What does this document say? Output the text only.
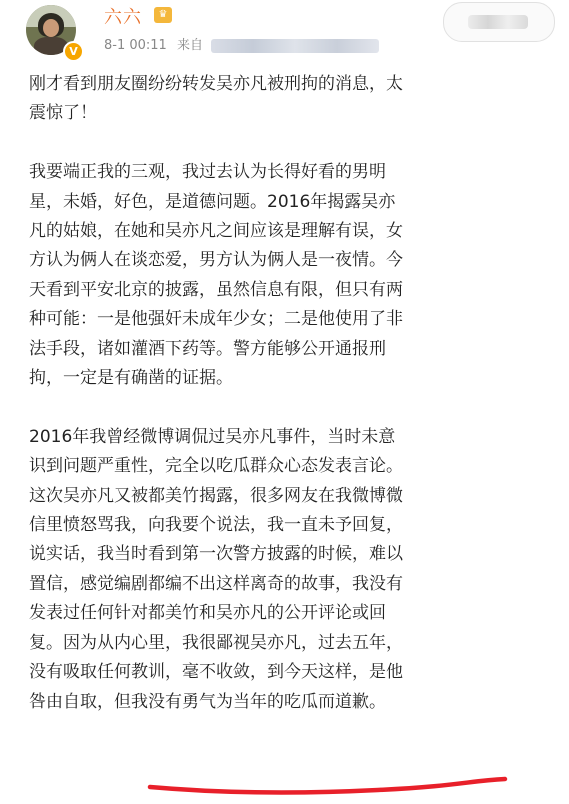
V
六六	♛
8-1 00:11 来自

刚才看到朋友圈纷纷转发吴亦凡被刑拘的消息，太
震惊了！

我要端正我的三观，我过去认为长得好看的男明
星，未婚，好色，是道德问题。2016年揭露吴亦
凡的姑娘，在她和吴亦凡之间应该是理解有误，女
方认为俩人在谈恋爱，男方认为俩人是一夜情。今
天看到平安北京的披露，虽然信息有限，但只有两
种可能：一是他强奸未成年少女；二是他使用了非
法手段，诸如灌酒下药等。警方能够公开通报刑
拘，一定是有确凿的证据。

2016年我曾经微博调侃过吴亦凡事件，当时未意
识到问题严重性，完全以吃瓜群众心态发表言论。
这次吴亦凡又被都美竹揭露，很多网友在我微博微
信里愤怒骂我，向我要个说法，我一直未予回复，
说实话，我当时看到第一次警方披露的时候，难以
置信，感觉编剧都编不出这样离奇的故事，我没有
发表过任何针对都美竹和吴亦凡的公开评论或回
复。因为从内心里，我很鄙视吴亦凡，过去五年，
没有吸取任何教训，毫不收敛，到今天这样，是他
咎由自取，但我没有勇气为当年的吃瓜而道歉。
